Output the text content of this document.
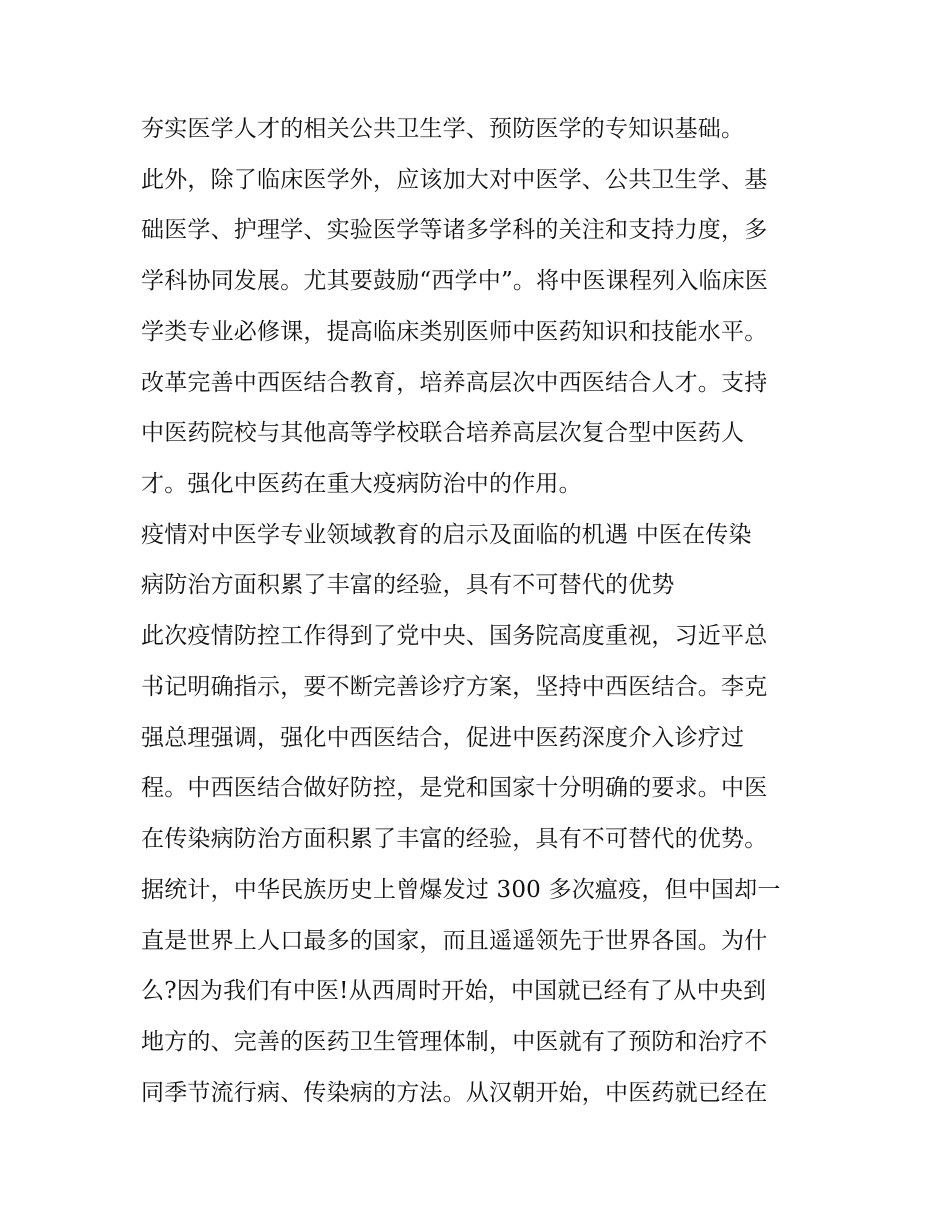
夯实医学人才的相关公共卫生学、预防医学的专知识基础。
此外，除了临床医学外，应该加大对中医学、公共卫生学、基
础医学、护理学、实验医学等诸多学科的关注和支持力度，多
学科协同发展。尤其要鼓励“西学中”。将中医课程列入临床医
学类专业必修课，提高临床类别医师中医药知识和技能水平。
改革完善中西医结合教育，培养高层次中西医结合人才。支持
中医药院校与其他高等学校联合培养高层次复合型中医药人
才。强化中医药在重大疫病防治中的作用。
疫情对中医学专业领域教育的启示及面临的机遇 中医在传染
病防治方面积累了丰富的经验，具有不可替代的优势
此次疫情防控工作得到了党中央、国务院高度重视，习近平总
书记明确指示，要不断完善诊疗方案，坚持中西医结合。李克
强总理强调，强化中西医结合，促进中医药深度介入诊疗过
程。中西医结合做好防控，是党和国家十分明确的要求。中医
在传染病防治方面积累了丰富的经验，具有不可替代的优势。
据统计，中华民族历史上曾爆发过 300 多次瘟疫，但中国却一
直是世界上人口最多的国家，而且遥遥领先于世界各国。为什
么?因为我们有中医!从西周时开始，中国就已经有了从中央到
地方的、完善的医药卫生管理体制，中医就有了预防和治疗不
同季节流行病、传染病的方法。从汉朝开始，中医药就已经在
